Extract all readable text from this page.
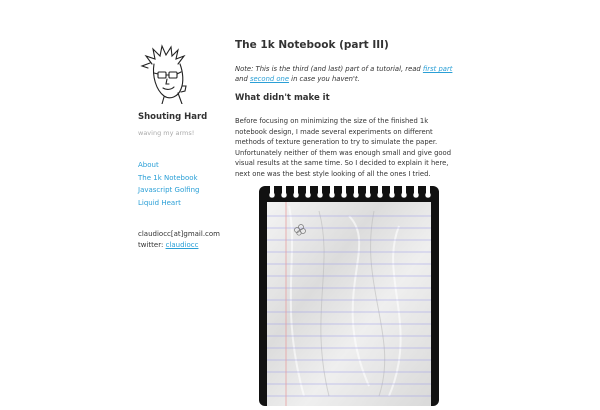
Shouting Hard
waving my arms!
About
The 1k Notebook
Javascript Golfing
Liquid Heart
claudiocc[at]gmail.com
twitter: claudiocc
The 1k Notebook (part III)

Note: This is the third (and last) part of a tutorial, read first part and second one in case you haven't.

What didn't make it

Before focusing on minimizing the size of the finished 1k notebook design, I made several experiments on different methods of texture generation to try to simulate the paper. Unfortunately neither of them was enough small and give good visual results at the same time. So I decided to explain it here, next one was the best style looking of all the ones I tried.
